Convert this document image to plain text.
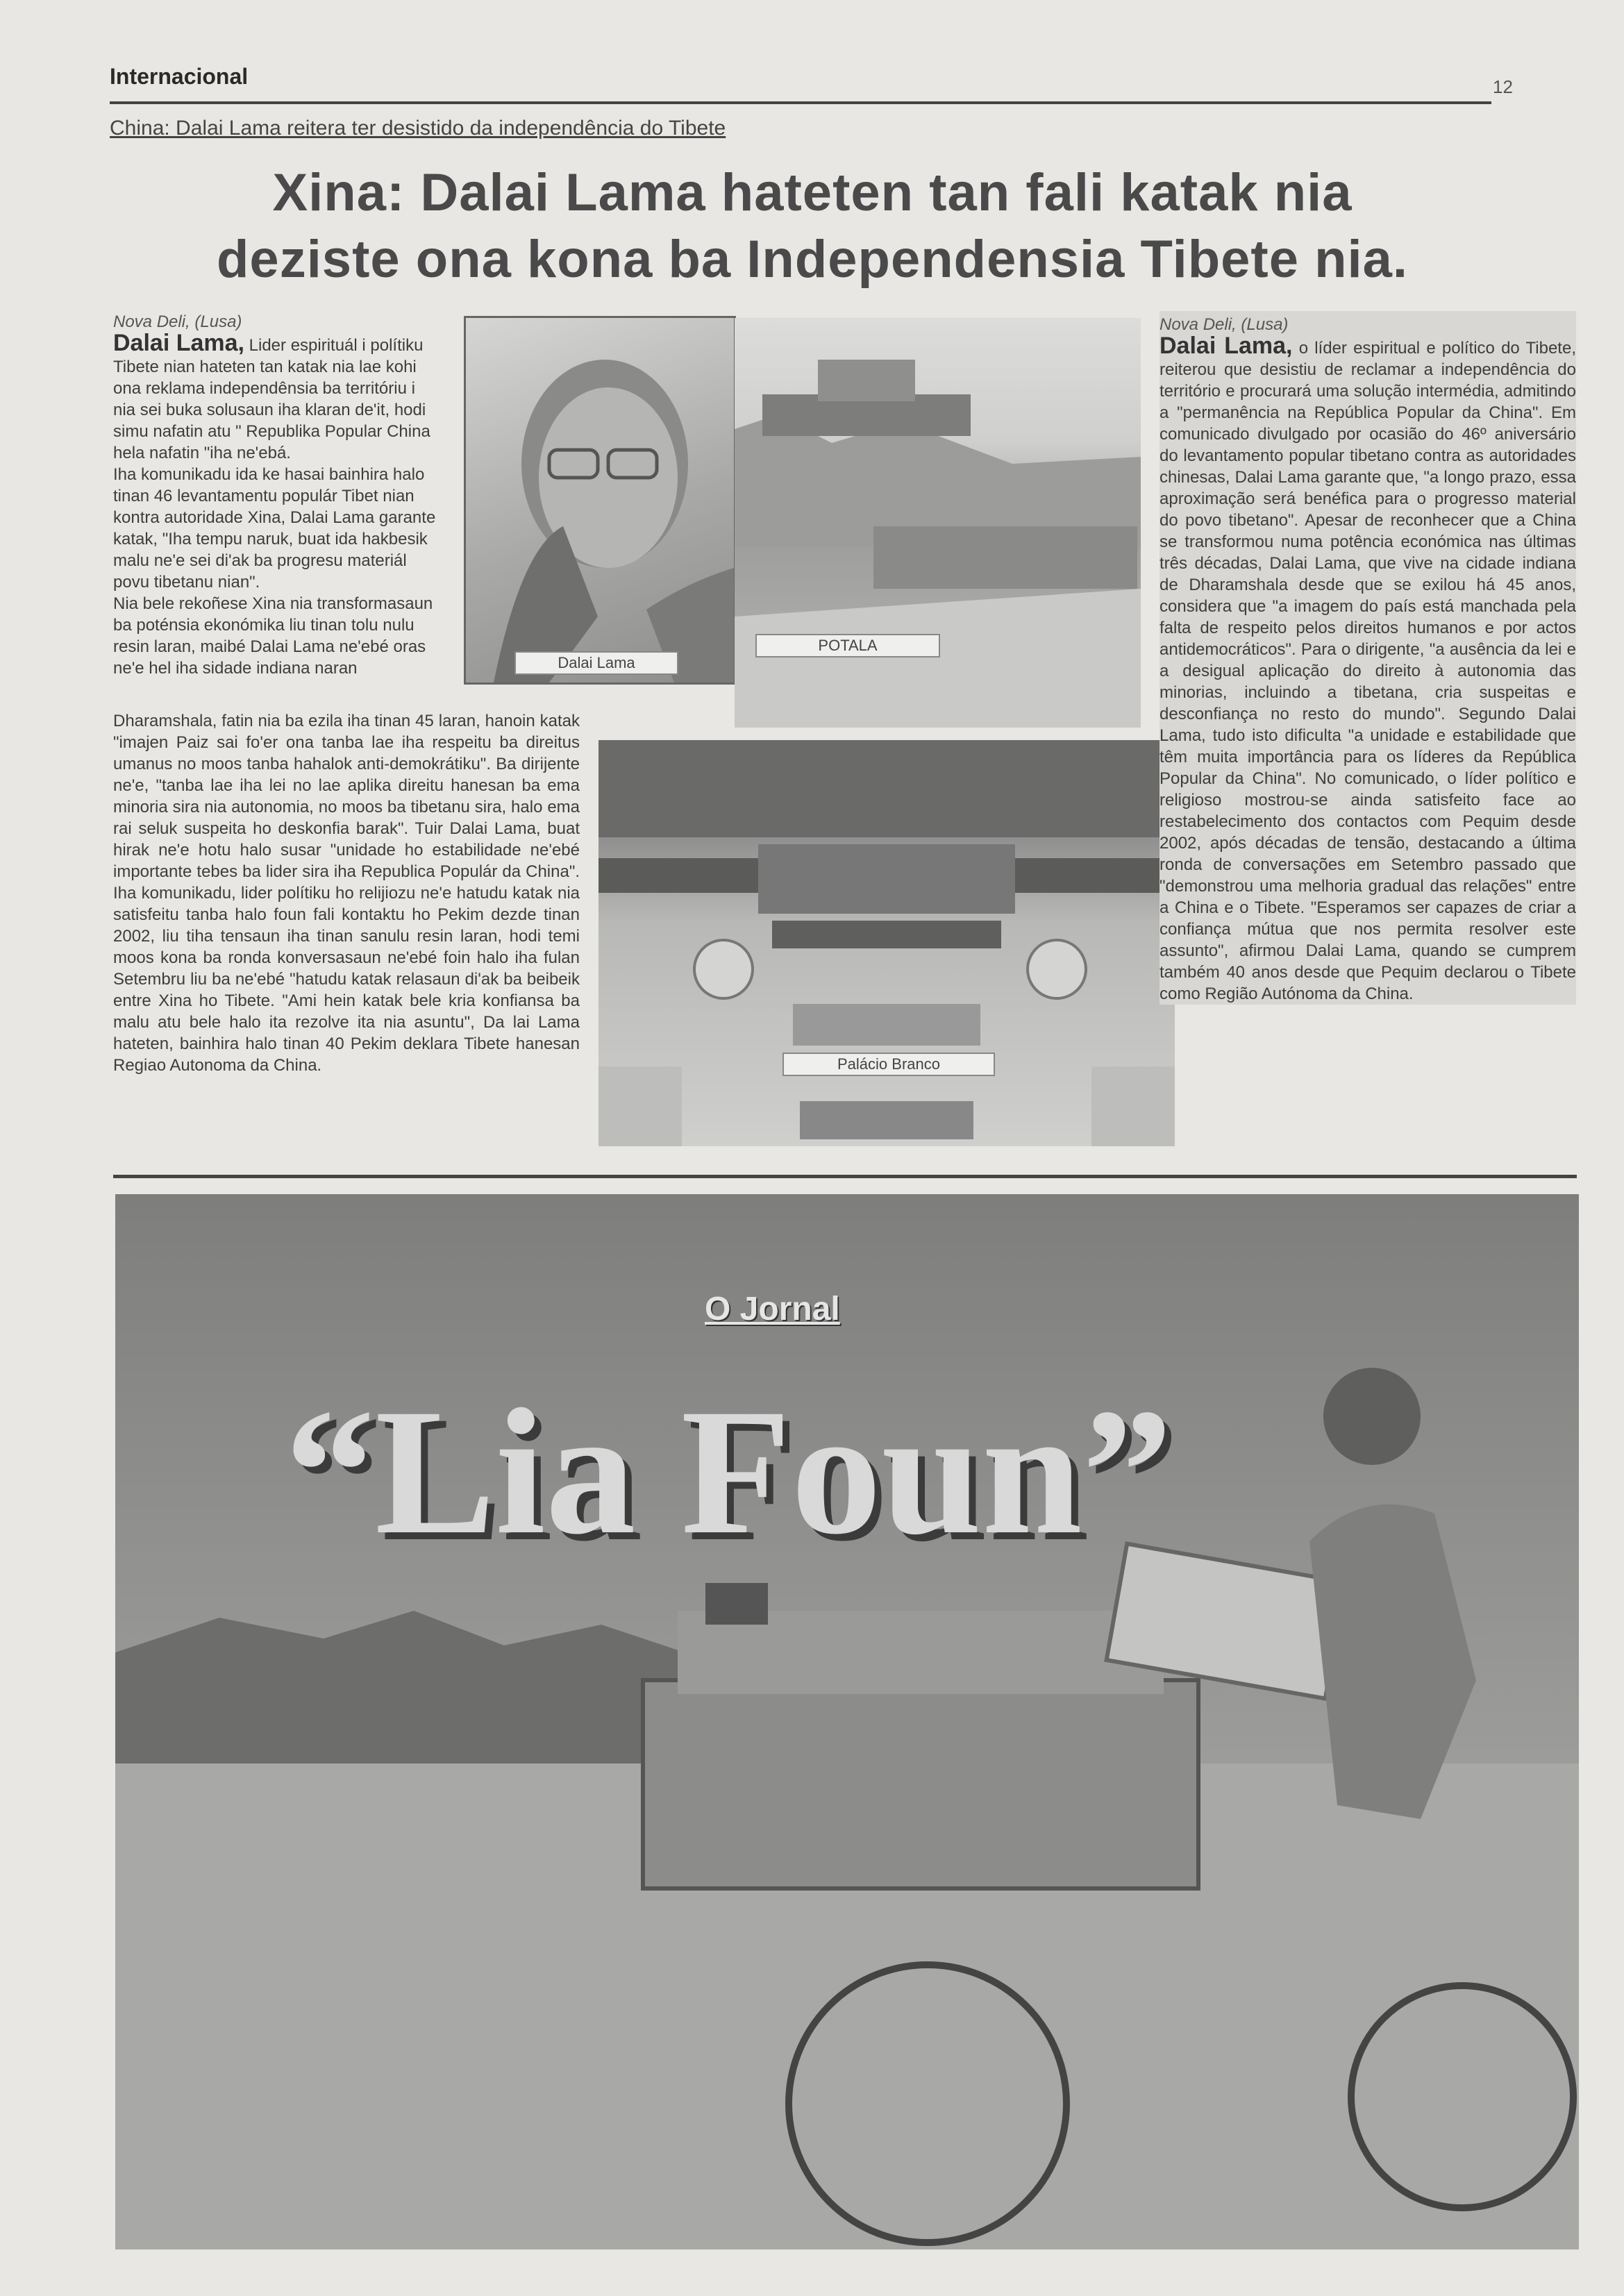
Internacional	12
China: Dalai Lama reitera ter desistido da independência do Tibete
Xina: Dalai Lama hateten tan fali katak nia
deziste ona kona ba Independensia Tibete nia.
Nova Deli, (Lusa)

Dalai Lama, Lider espirituál i polítiku

Tibete nian hateten tan katak nia lae kohi

ona reklama independênsia ba territóriu i

nia sei buka solusaun iha klaran de'it, hodi

simu nafatin atu " Republika Popular China

hela nafatin "iha ne'ebá.

Iha komunikadu ida ke hasai bainhira halo

tinan 46 levantamentu populár Tibet nian

kontra autoridade Xina, Dalai Lama garante

katak, "Iha tempu naruk, buat ida hakbesik

malu ne'e sei di'ak ba progresu materiál

povu tibetanu nian".

Nia bele rekoñese Xina nia transformasaun

ba poténsia ekonómika liu tinan tolu nulu

resin laran, maibé Dalai Lama ne'ebé oras

ne'e hel iha sidade indiana naran

Dharamshala, fatin nia ba ezila iha tinan 45 laran, hanoin katak "imajen Paiz sai fo'er ona tanba lae iha respeitu ba direitus umanus no moos tanba hahalok anti-demokrátiku". Ba dirijente ne'e, "tanba lae iha lei no lae aplika direitu hanesan ba ema minoria sira nia autonomia, no moos ba tibetanu sira, halo ema rai seluk suspeita ho deskonfia barak". Tuir Dalai Lama, buat hirak ne'e hotu halo susar "unidade ho estabilidade ne'ebé importante tebes ba lider sira iha Republica Populár da China". Iha komunikadu, lider polítiku ho relijiozu ne'e hatudu katak nia satisfeitu tanba halo foun fali kontaktu ho Pekim dezde tinan 2002, liu tiha tensaun iha tinan sanulu resin laran, hodi temi moos kona ba ronda konversasaun ne'ebé foin halo iha fulan Setembru liu ba ne'ebé "hatudu katak relasaun di'ak ba beibeik entre Xina ho Tibete. "Ami hein katak bele kria konfiansa ba malu atu bele halo ita rezolve ita nia asuntu", Da lai Lama hateten, bainhira halo tinan 40 Pekim deklara Tibete hanesan Regiao Autonoma da China.
Dalai Lama
POTALA
Palácio Branco
Nova Deli, (Lusa)

Dalai Lama, o líder espiritual e político do Tibete, reiterou que desistiu de reclamar a independência do território e procurará uma solução intermédia, admitindo a "permanência na República Popular da China". Em comunicado divulgado por ocasião do 46º aniversário do levantamento popular tibetano contra as autoridades chinesas, Dalai Lama garante que, "a longo prazo, essa aproximação será benéfica para o progresso material do povo tibetano". Apesar de reconhecer que a China se transformou numa potência económica nas últimas três décadas, Dalai Lama, que vive na cidade indiana de Dharamshala desde que se exilou há 45 anos, considera que "a imagem do país está manchada pela falta de respeito pelos direitos humanos e por actos antidemocráticos". Para o dirigente, "a ausência da lei e a desigual aplicação do direito à autonomia das minorias, incluindo a tibetana, cria suspeitas e desconfiança no resto do mundo". Segundo Dalai Lama, tudo isto dificulta "a unidade e estabilidade que têm muita importância para os líderes da República Popular da China". No comunicado, o líder político e religioso mostrou-se ainda satisfeito face ao restabelecimento dos contactos com Pequim desde 2002, após décadas de tensão, destacando a última ronda de conversações em Setembro passado que "demonstrou uma melhoria gradual das relações" entre a China e o Tibete. "Esperamos ser capazes de criar a confiança mútua que nos permita resolver este assunto", afirmou Dalai Lama, quando se cumprem também 40 anos desde que Pequim declarou o Tibete como Região Autónoma da China.

O Jornal
“Lia Foun”
